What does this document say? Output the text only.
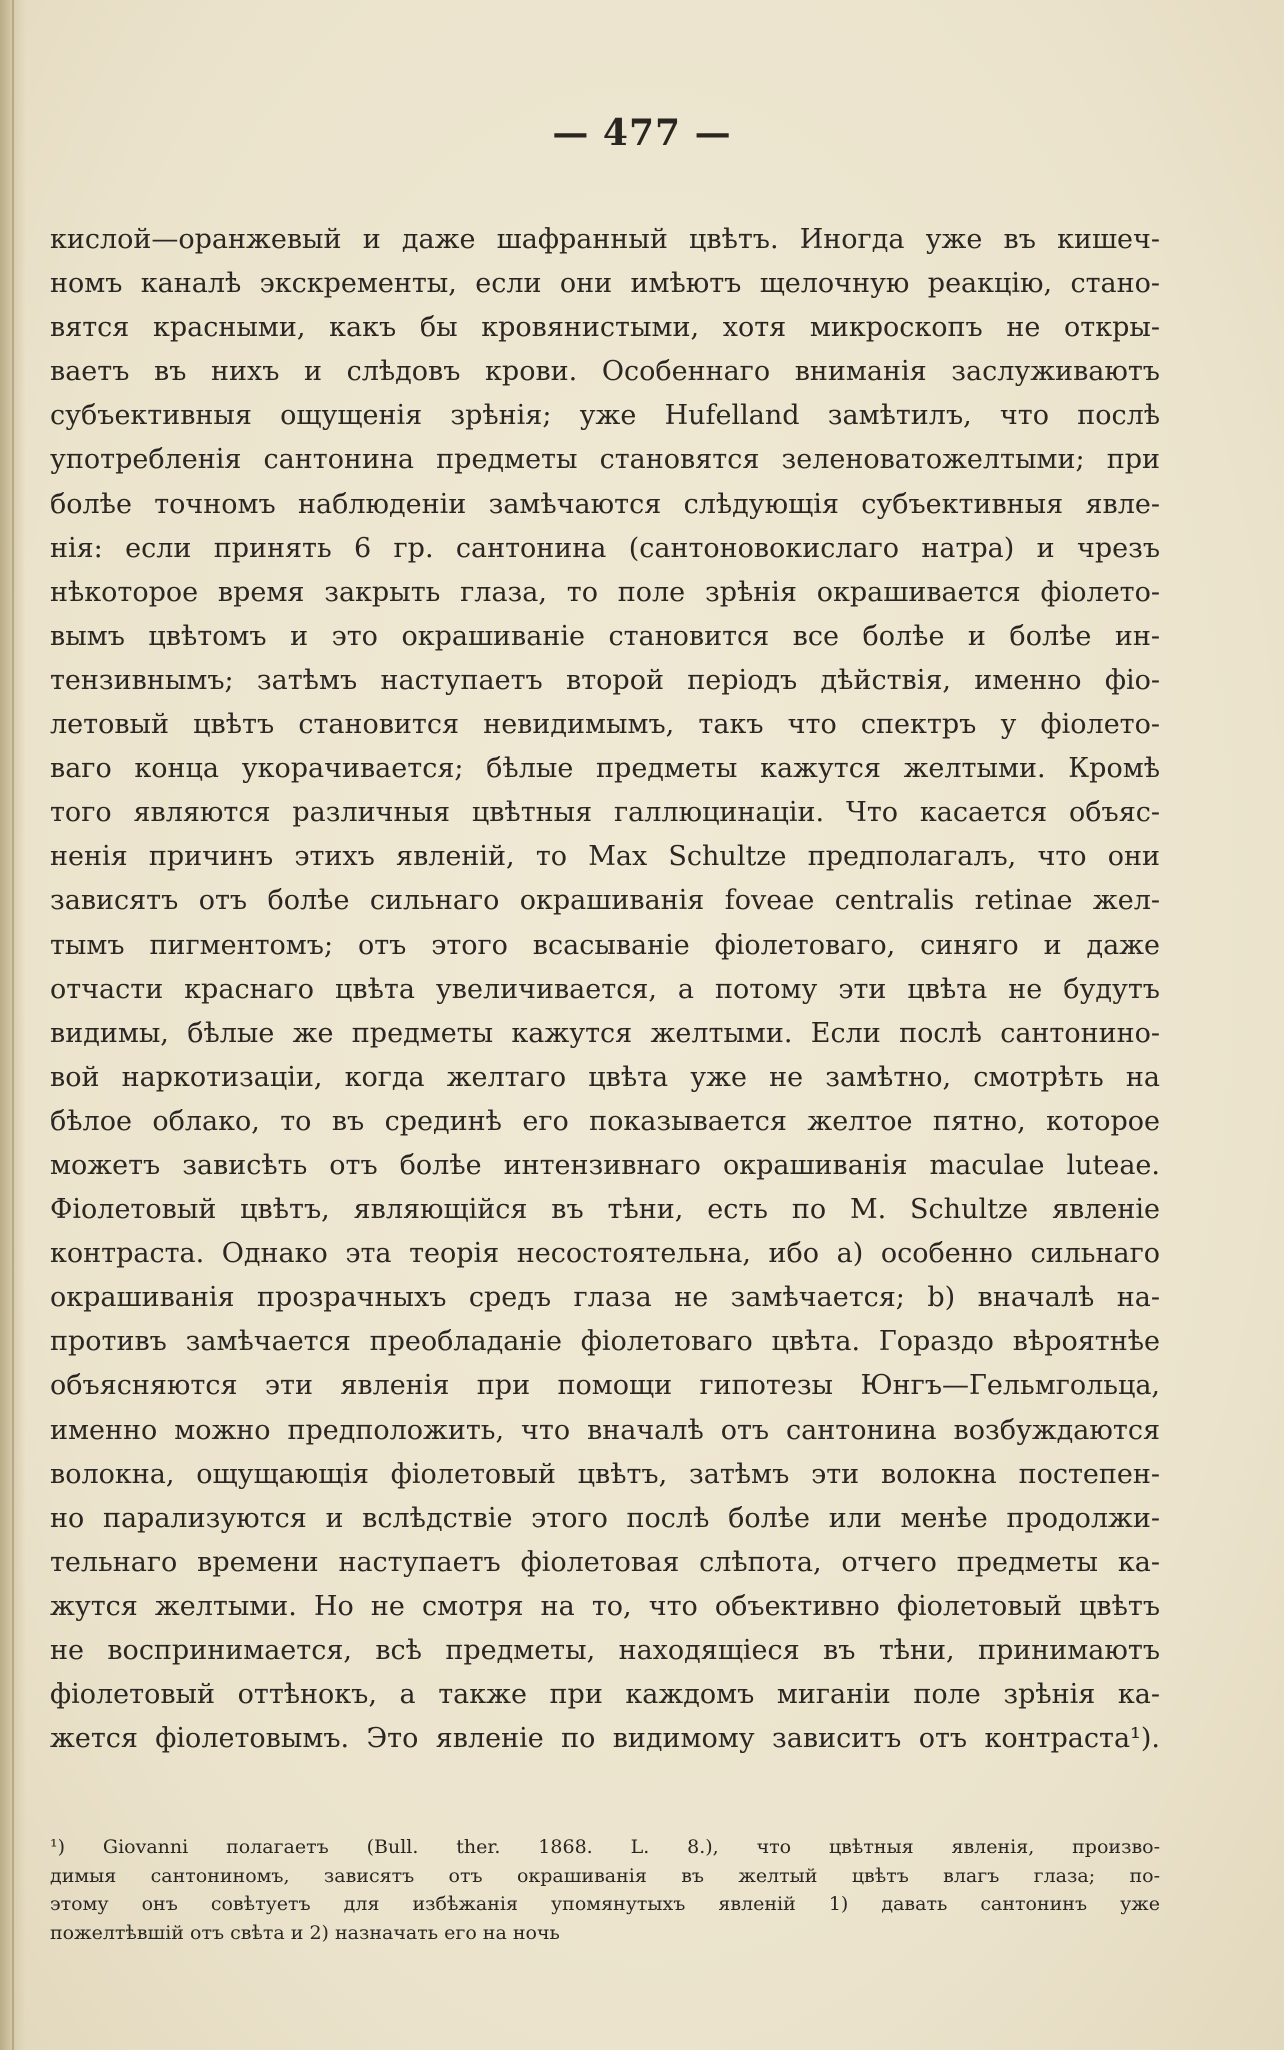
— 477 —
кислой—оранжевый и даже шафранный цвѣтъ. Иногда уже въ кишеч-
номъ каналѣ экскременты, если они имѣютъ щелочную реакцію, стано-
вятся красными, какъ бы кровянистыми, хотя микроскопъ не откры-
ваетъ въ нихъ и слѣдовъ крови. Особеннаго вниманія заслуживаютъ
субъективныя ощущенія зрѣнія; уже Hufelland замѣтилъ, что послѣ
употребленія сантонина предметы становятся зеленоватожелтыми; при
болѣе точномъ наблюденіи замѣчаются слѣдующія субъективныя явле-
нія: если принять 6 гр. сантонина (сантоновокислаго натра) и чрезъ
нѣкоторое время закрыть глаза, то поле зрѣнія окрашивается фіолето-
вымъ цвѣтомъ и это окрашиваніе становится все болѣе и болѣе ин-
тензивнымъ; затѣмъ наступаетъ второй періодъ дѣйствія, именно фіо-
летовый цвѣтъ становится невидимымъ, такъ что спектръ у фіолето-
ваго конца укорачивается; бѣлые предметы кажутся желтыми. Кромѣ
того являются различныя цвѣтныя галлюцинаціи. Что касается объяс-
ненія причинъ этихъ явленій, то Max Schultze предполагалъ, что они
зависятъ отъ болѣе сильнаго окрашиванія foveae centralis retinae жел-
тымъ пигментомъ; отъ этого всасываніе фіолетоваго, синяго и даже
отчасти краснаго цвѣта увеличивается, а потому эти цвѣта не будутъ
видимы, бѣлые же предметы кажутся желтыми. Если послѣ сантонино-
вой наркотизаціи, когда желтаго цвѣта уже не замѣтно, смотрѣть на
бѣлое облако, то въ срединѣ его показывается желтое пятно, которое
можетъ зависѣть отъ болѣе интензивнаго окрашиванія maculae luteae.
Фіолетовый цвѣтъ, являющійся въ тѣни, есть по M. Schultze явленіе
контраста. Однако эта теорія несостоятельна, ибо a) особенно сильнаго
окрашиванія прозрачныхъ средъ глаза не замѣчается; b) вначалѣ на-
противъ замѣчается преобладаніе фіолетоваго цвѣта. Гораздо вѣроятнѣе
объясняются эти явленія при помощи гипотезы Юнгъ—Гельмгольца,
именно можно предположить, что вначалѣ отъ сантонина возбуждаются
волокна, ощущающія фіолетовый цвѣтъ, затѣмъ эти волокна постепен-
но парализуются и вслѣдствіе этого послѣ болѣе или менѣе продолжи-
тельнаго времени наступаетъ фіолетовая слѣпота, отчего предметы ка-
жутся желтыми. Но не смотря на то, что объективно фіолетовый цвѣтъ
не воспринимается, всѣ предметы, находящіеся въ тѣни, принимаютъ
фіолетовый оттѣнокъ, а также при каждомъ миганіи поле зрѣнія ка-
жется фіолетовымъ. Это явленіе по видимому зависитъ отъ контраста¹).
¹) Giovanni полагаетъ (Bull. ther. 1868. L. 8.), что цвѣтныя явленія, произво-
димыя сантониномъ, зависятъ отъ окрашиванія въ желтый цвѣтъ влагъ глаза; по-
этому онъ совѣтуетъ для избѣжанія упомянутыхъ явленій 1) давать сантонинъ уже
пожелтѣвшій отъ свѣта и 2) назначать его на ночь
